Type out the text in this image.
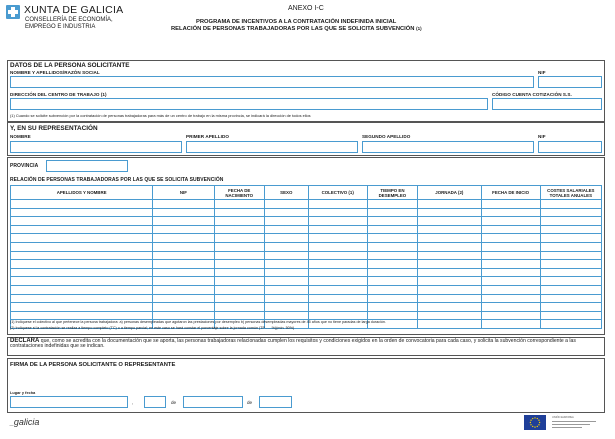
XUNTA DE GALICIA
CONSELLERÍA DE ECONOMÍA,
EMPREGO E INDUSTRIA
ANEXO I-C
PROGRAMA DE INCENTIVOS A LA CONTRATACIÓN INDEFINIDA INICIAL
RELACIÓN DE PERSONAS TRABAJADORAS POR LAS QUE SE SOLICITA SUBVENCIÓN (1)
DATOS DE LA PERSONA SOLICITANTE
NOMBRE Y APELLIDOS/RAZÓN SOCIAL	NIF
DIRECCIÓN DEL CENTRO DE TRABAJO (1)	CÓDIGO CUENTA COTIZACIÓN S.S.
(1) Cuando se solicite subvención por la contratación de personas trabajadoras para más de un centro de trabajo en la misma provincia, se indicará la dirección de todos ellos
Y, EN SU REPRESENTACIÓN
NOMBRE	PRIMER APELLIDO	SEGUNDO APELLIDO	NIF
PROVINCIA
RELACIÓN DE PERSONAS TRABAJADORAS POR LAS QUE SE SOLICITA SUBVENCIÓN
APELLIDOS Y NOMBRE	NIF	FECHA DE NACIMIENTO	SEXO	COLECTIVO (1)	TIEMPO EN DESEMPLEO	JORNADA (2)	FECHA DE INICIO	COSTES SALARIALES TOTALES ANUALES

(1) Indíquese el colectivo al que pertenece la persona trabajadora: a) personas desempleadas que agotaron las prestaciones por desempleo b) personas desempleadas mayores de 45 años que no tiene paradas de larga duración.
(2) Indíquese si la contratación se realiza a tiempo completo (TC) o a tiempo parcial; en este caso se hará constar el porcentaje sobre la jornada común (TP.......%)(mín. 50%)
DECLARA que, como se acredita con la documentación que se aporta, las personas trabajadoras relacionadas cumplen los requisitos y condiciones exigidos en la orden de convocatoria para cada caso, y solicita la subvención correspondiente a las contrataciones indefinidas que se indican.
FIRMA DE LA PERSONA SOLICITANTE O REPRESENTANTE
Lugar y fecha
,	de	de
_galicia	UNIÓN EUROPEA
